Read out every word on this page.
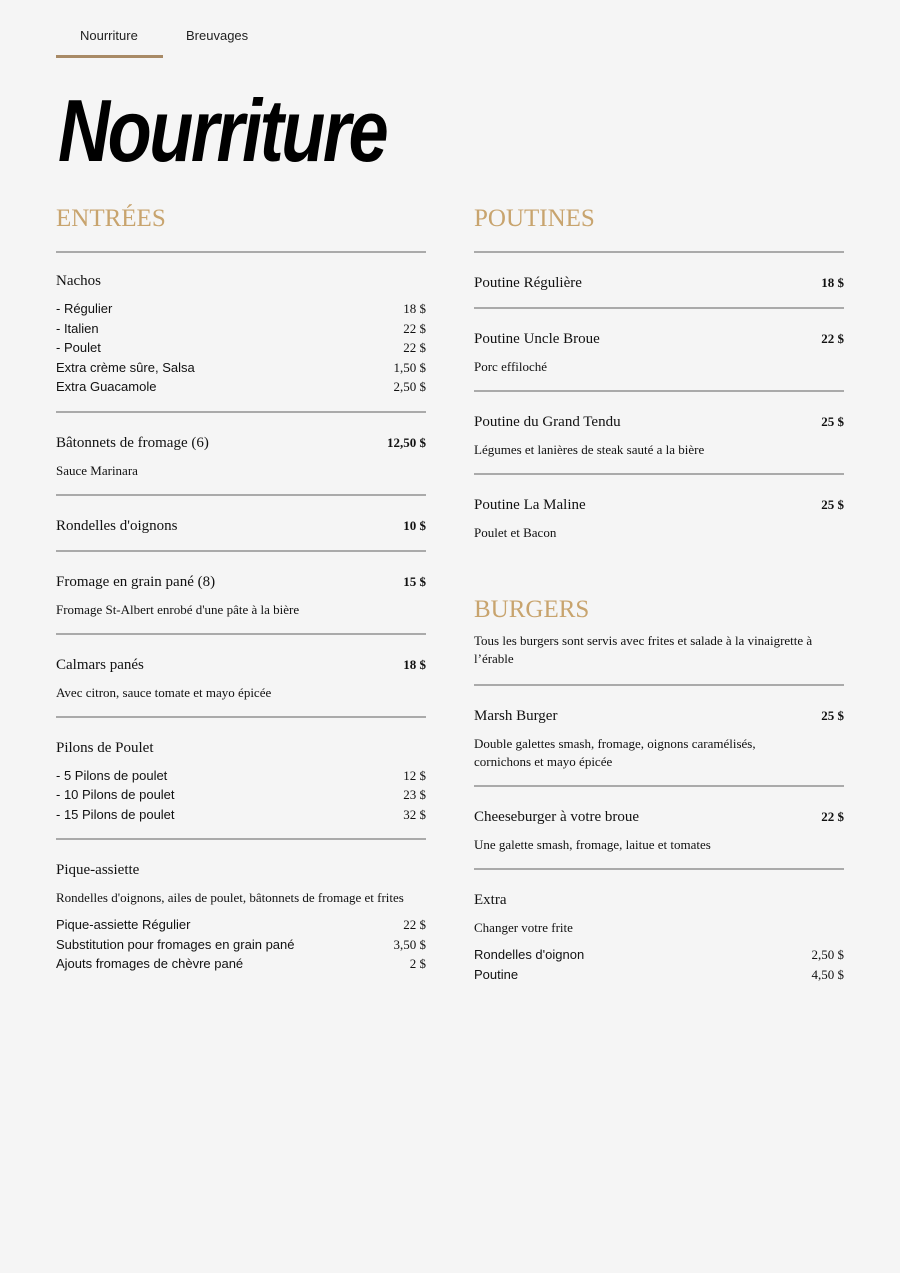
Nourriture	Breuvages
Nourriture
ENTRÉES
Nachos
- Régulier	18 $
- Italien	22 $
- Poulet	22 $
Extra crème sûre, Salsa	1,50 $
Extra Guacamole	2,50 $
Bâtonnets de fromage (6)	12,50 $
Sauce Marinara
Rondelles d'oignons	10 $
Fromage en grain pané (8)	15 $
Fromage St-Albert enrobé d'une pâte à la bière
Calmars panés	18 $
Avec citron, sauce tomate et mayo épicée
Pilons de Poulet
- 5 Pilons de poulet	12 $
- 10 Pilons de poulet	23 $
- 15 Pilons de poulet	32 $
Pique-assiette
Rondelles d'oignons, ailes de poulet, bâtonnets de fromage et frites
Pique-assiette Régulier	22 $
Substitution pour fromages en grain pané	3,50 $
Ajouts fromages de chèvre pané	2 $
POUTINES
Poutine Régulière	18 $
Poutine Uncle Broue	22 $
Porc effiloché
Poutine du Grand Tendu	25 $
Légumes et lanières de steak sauté a la bière
Poutine La Maline	25 $
Poulet et Bacon
BURGERS
Tous les burgers sont servis avec frites et salade à la vinaigrette à l’érable
Marsh Burger	25 $
Double galettes smash, fromage, oignons caramélisés, cornichons et mayo épicée
Cheeseburger à votre broue	22 $
Une galette smash, fromage, laitue et tomates
Extra
Changer votre frite
Rondelles d'oignon	2,50 $
Poutine	4,50 $
